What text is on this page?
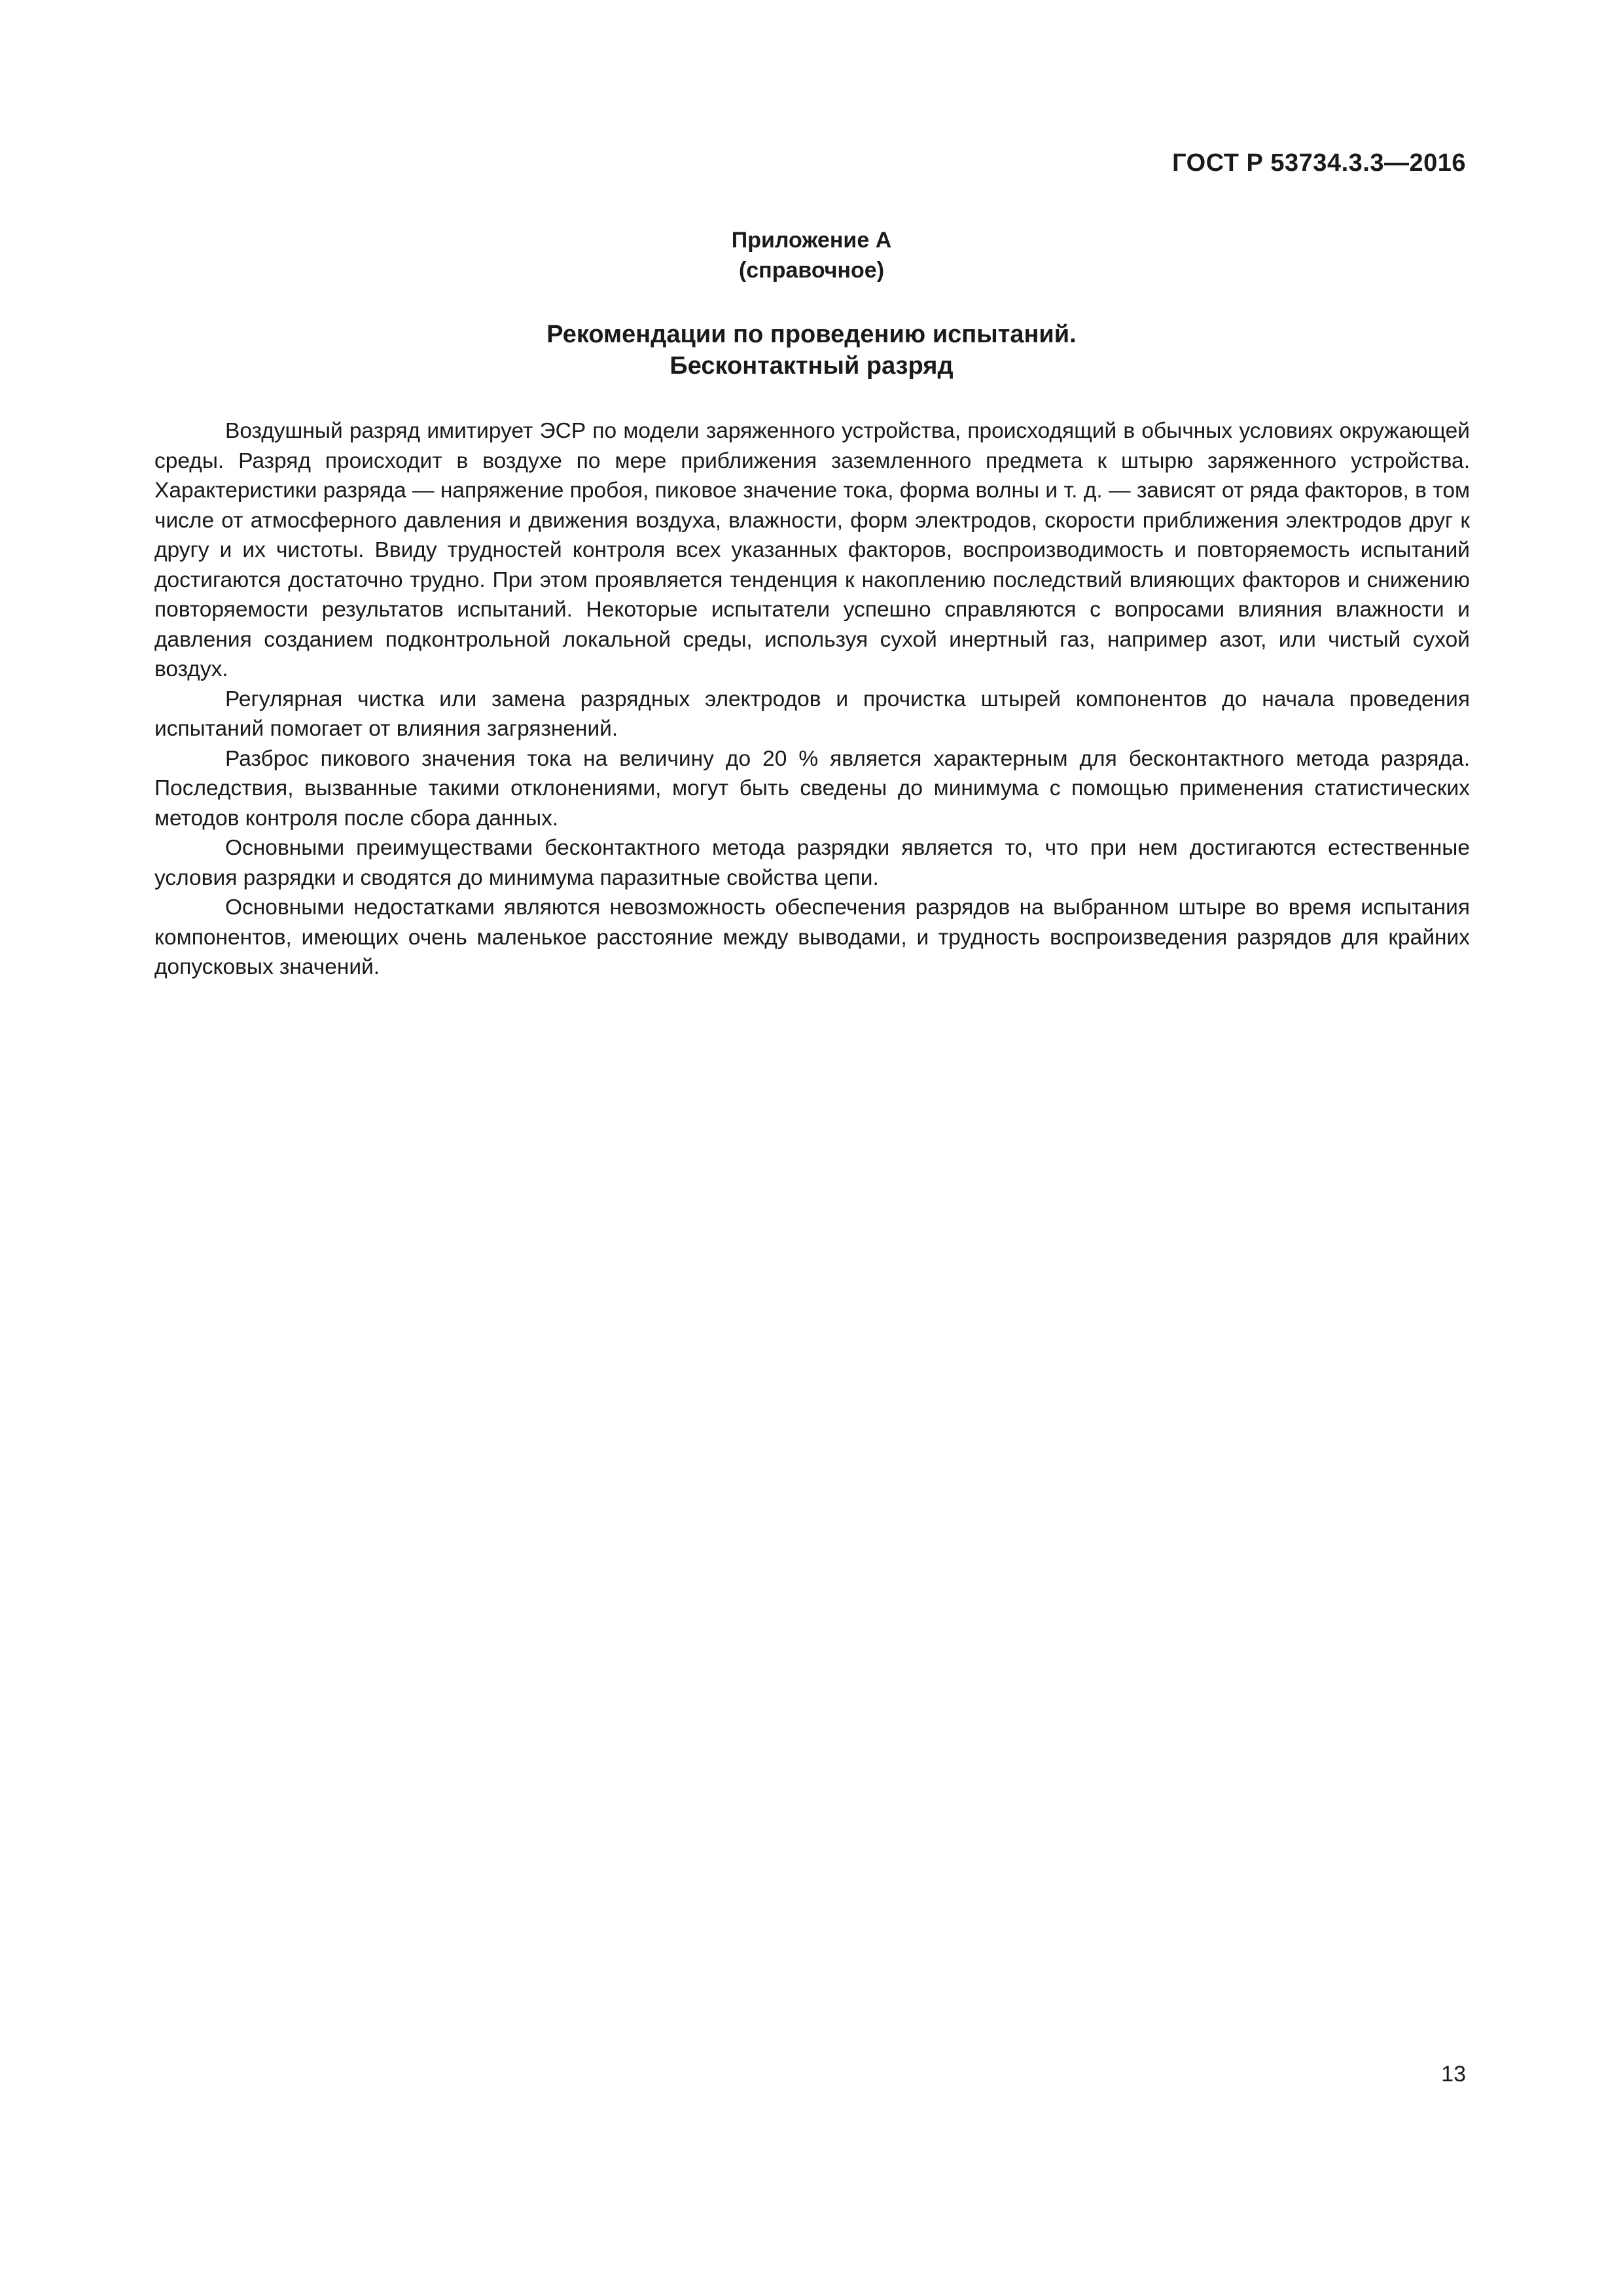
ГОСТ Р 53734.3.3—2016
Приложение А
(справочное)
Рекомендации по проведению испытаний.
Бесконтактный разряд

Воздушный разряд имитирует ЭСР по модели заряженного устройства, происходящий в обычных условиях окружающей среды. Разряд происходит в воздухе по мере приближения заземленного предмета к штырю заряженного устройства. Характеристики разряда — напряжение пробоя, пиковое значение тока, форма волны и т. д. — зависят от ряда факторов, в том числе от атмосферного давления и движения воздуха, влажности, форм электродов, скорости приближения электродов друг к другу и их чистоты. Ввиду трудностей контроля всех указанных факторов, воспроизводимость и повторяемость испытаний достигаются достаточно трудно. При этом проявляется тенденция к накоплению последствий влияющих факторов и снижению повторяемости результатов испытаний. Некоторые испытатели успешно справляются с вопросами влияния влажности и давления созданием подконтрольной локальной среды, используя сухой инертный газ, например азот, или чистый сухой воздух.

Регулярная чистка или замена разрядных электродов и прочистка штырей компонентов до начала проведения испытаний помогает от влияния загрязнений.

Разброс пикового значения тока на величину до 20 % является характерным для бесконтактного метода разряда. Последствия, вызванные такими отклонениями, могут быть сведены до минимума с помощью применения статистических методов контроля после сбора данных.

Основными преимуществами бесконтактного метода разрядки является то, что при нем достигаются естественные условия разрядки и сводятся до минимума паразитные свойства цепи.

Основными недостатками являются невозможность обеспечения разрядов на выбранном штыре во время испытания компонентов, имеющих очень маленькое расстояние между выводами, и трудность воспроизведения разрядов для крайних допусковых значений.

13
